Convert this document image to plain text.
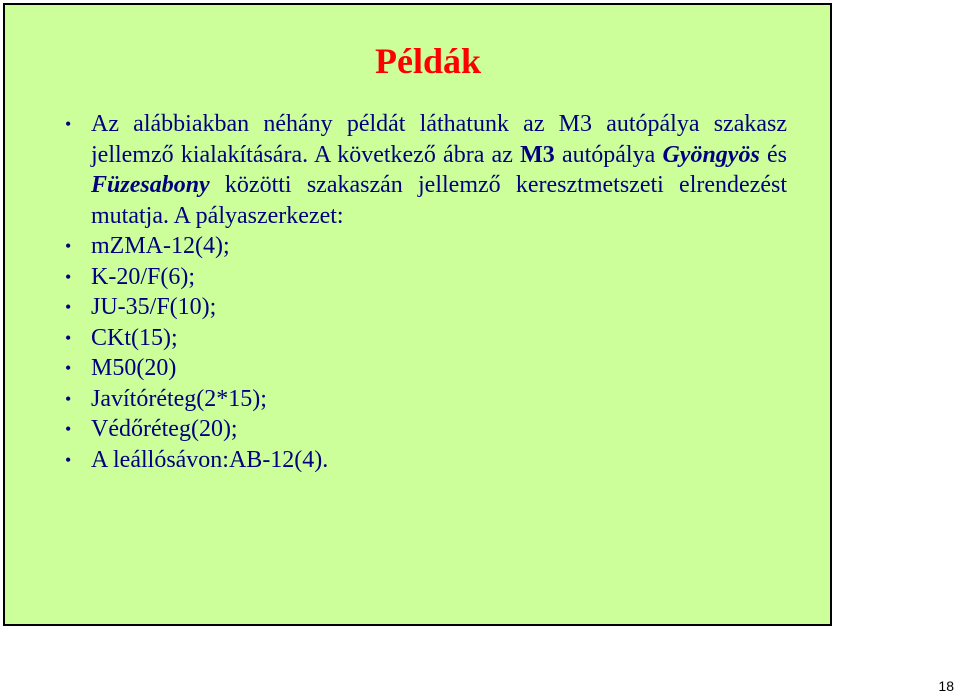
Példák
• Az alábbiakban néhány példát láthatunk az M3 autópálya szakasz jellemző kialakítására. A következő ábra az M3 autópálya Gyöngyös és Füzesabony közötti szakaszán jellemző keresztmetszeti elrendezést mutatja. A pályaszerkezet:
• mZMA-12(4);
• K-20/F(6);
• JU-35/F(10);
• CKt(15);
• M50(20)
• Javítóréteg(2*15);
• Védőréteg(20);
• A leállósávon:AB-12(4).
18
